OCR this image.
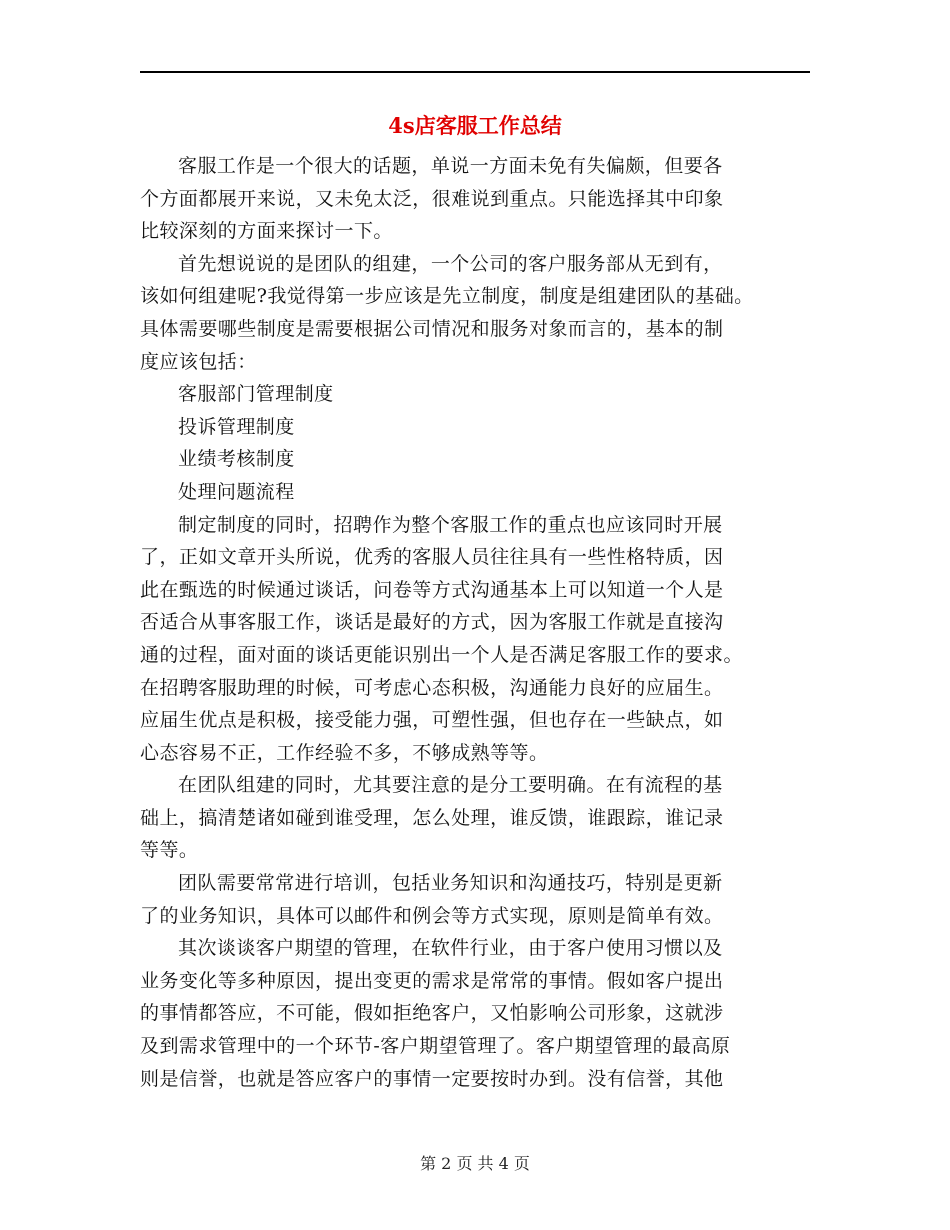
4s店客服工作总结

客服工作是一个很大的话题，单说一方面未免有失偏颇，但要各
个方面都展开来说，又未免太泛，很难说到重点。只能选择其中印象
比较深刻的方面来探讨一下。

首先想说说的是团队的组建，一个公司的客户服务部从无到有，
该如何组建呢?我觉得第一步应该是先立制度，制度是组建团队的基础。
具体需要哪些制度是需要根据公司情况和服务对象而言的，基本的制
度应该包括：

客服部门管理制度

投诉管理制度

业绩考核制度

处理问题流程

制定制度的同时，招聘作为整个客服工作的重点也应该同时开展
了，正如文章开头所说，优秀的客服人员往往具有一些性格特质，因
此在甄选的时候通过谈话，问卷等方式沟通基本上可以知道一个人是
否适合从事客服工作，谈话是最好的方式，因为客服工作就是直接沟
通的过程，面对面的谈话更能识别出一个人是否满足客服工作的要求。
在招聘客服助理的时候，可考虑心态积极，沟通能力良好的应届生。
应届生优点是积极，接受能力强，可塑性强，但也存在一些缺点，如
心态容易不正，工作经验不多，不够成熟等等。

在团队组建的同时，尤其要注意的是分工要明确。在有流程的基
础上，搞清楚诸如碰到谁受理，怎么处理，谁反馈，谁跟踪，谁记录
等等。

团队需要常常进行培训，包括业务知识和沟通技巧，特别是更新
了的业务知识，具体可以邮件和例会等方式实现，原则是简单有效。

其次谈谈客户期望的管理，在软件行业，由于客户使用习惯以及
业务变化等多种原因，提出变更的需求是常常的事情。假如客户提出
的事情都答应，不可能，假如拒绝客户，又怕影响公司形象，这就涉
及到需求管理中的一个环节-客户期望管理了。客户期望管理的最高原
则是信誉，也就是答应客户的事情一定要按时办到。没有信誉，其他

第 2 页 共 4 页
